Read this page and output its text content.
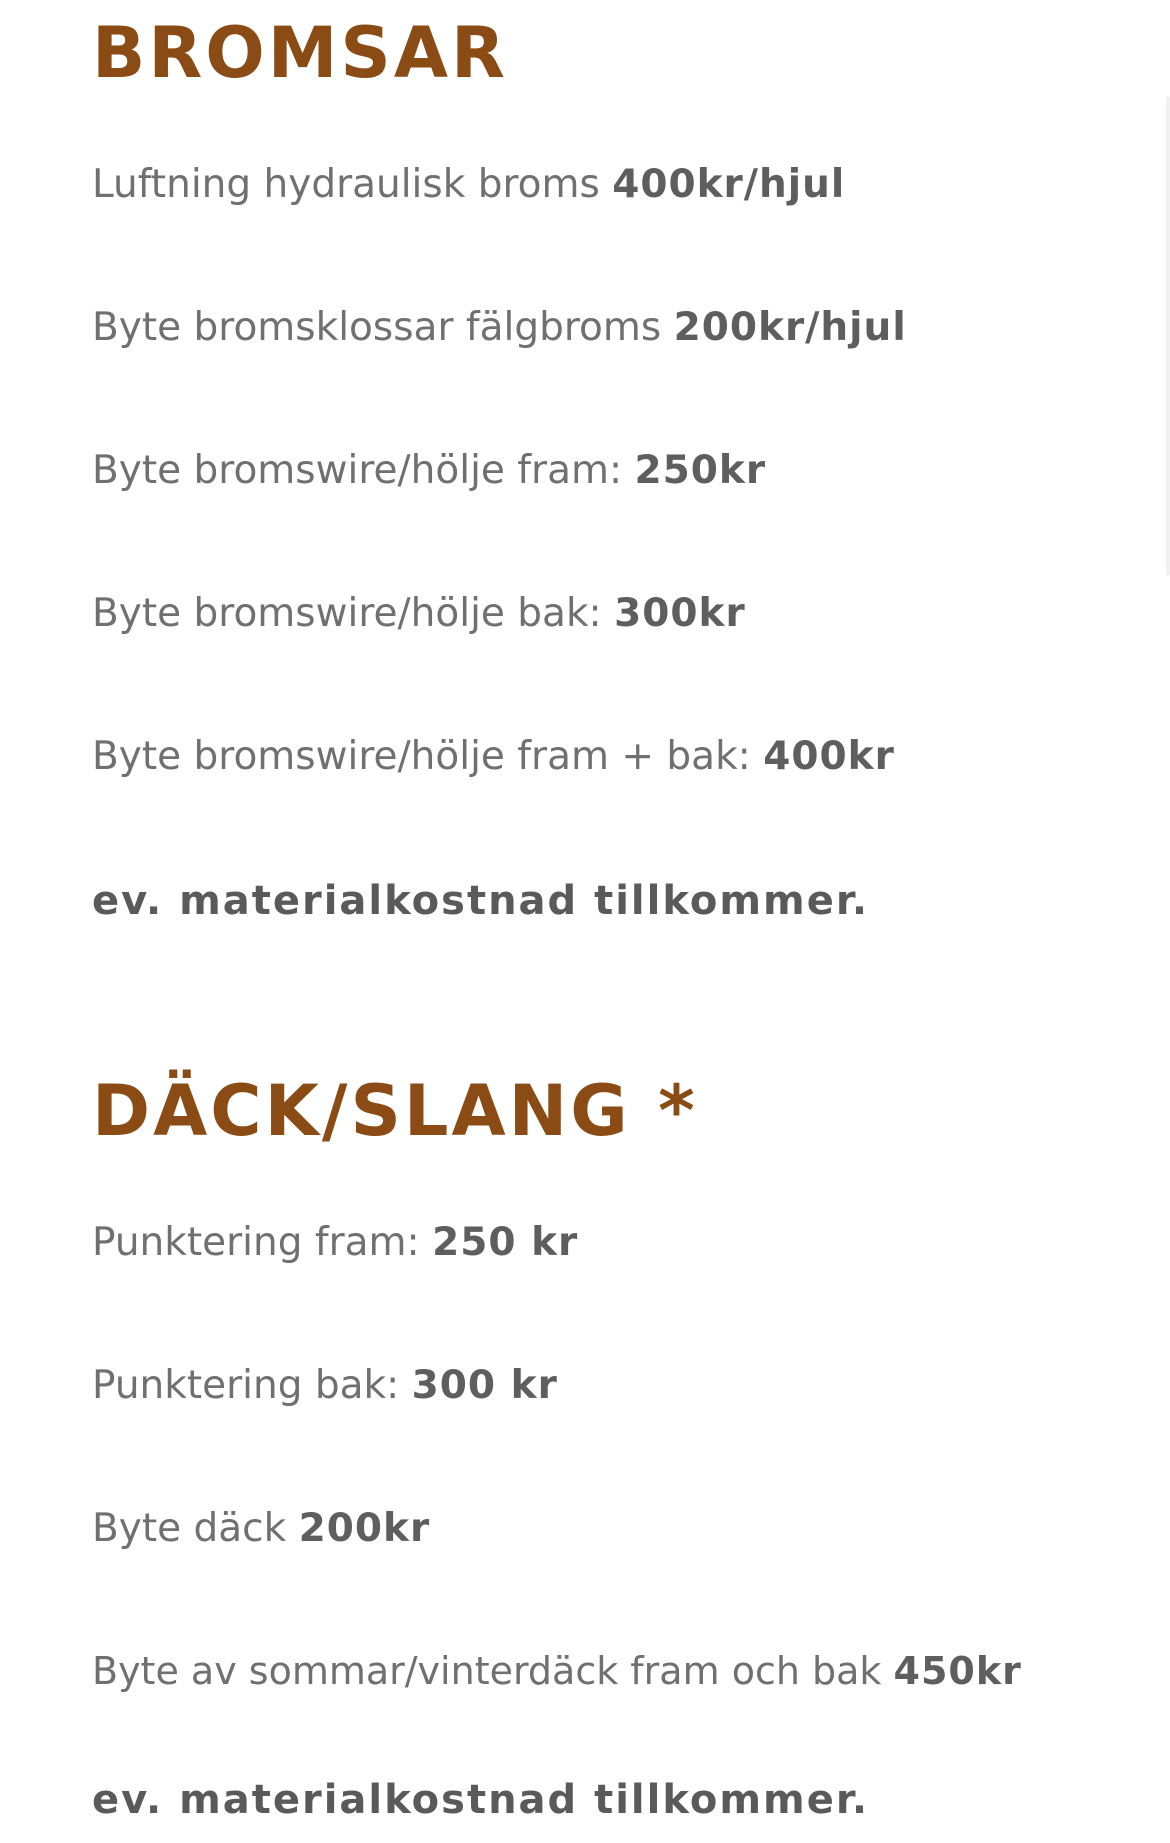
BROMSAR

Luftning hydraulisk broms 400kr/hjul

Byte bromsklossar fälgbroms 200kr/hjul

Byte bromswire/hölje fram: 250kr

Byte bromswire/hölje bak: 300kr

Byte bromswire/hölje fram + bak: 400kr

ev. materialkostnad tillkommer.

DÄCK/SLANG *

Punktering fram: 250 kr

Punktering bak: 300 kr

Byte däck 200kr

Byte av sommar/vinterdäck fram och bak 450kr

ev. materialkostnad tillkommer.
